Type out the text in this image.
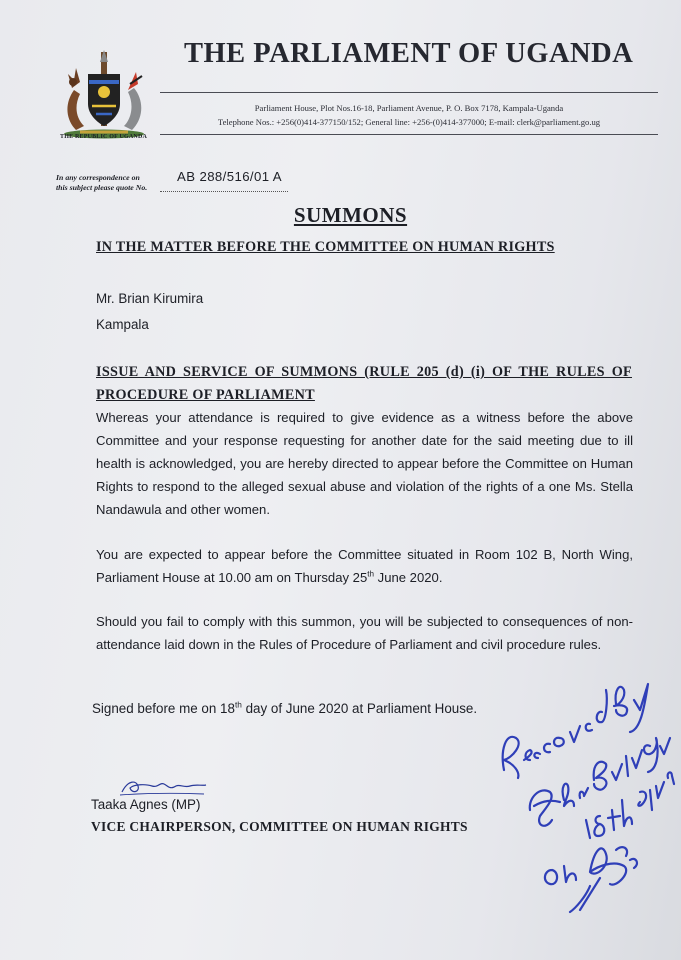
THE REPUBLIC OF UGANDA
THE PARLIAMENT OF UGANDA
Parliament House, Plot Nos.16-18, Parliament Avenue, P. O. Box 7178, Kampala-Uganda
Telephone Nos.: +256(0)414-377150/152; General line: +256-(0)414-377000; E-mail: clerk@parliament.go.ug
In any correspondence on
this subject please quote No.
AB 288/516/01 A
SUMMONS
IN THE MATTER BEFORE THE COMMITTEE ON HUMAN RIGHTS
Mr. Brian Kirumira
Kampala
ISSUE AND SERVICE OF SUMMONS (RULE 205 (d) (i) OF THE RULES OF PROCEDURE OF PARLIAMENT
Whereas your attendance is required to give evidence as a witness before the above Committee and your response requesting for another date for the said meeting due to ill health is acknowledged, you are hereby directed to appear before the Committee on Human Rights to respond to the alleged sexual abuse and violation of the rights of a one Ms. Stella Nandawula and other women.
You are expected to appear before the Committee situated in Room 102 B, North Wing, Parliament House at 10.00 am on Thursday 25th June 2020.
Should you fail to comply with this summon, you will be subjected to consequences of non- attendance laid down in the Rules of Procedure of Parliament and civil procedure rules.
Signed before me on 18th day of June 2020 at Parliament House.
Taaka Agnes (MP)
VICE CHAIRPERSON, COMMITTEE ON HUMAN RIGHTS
